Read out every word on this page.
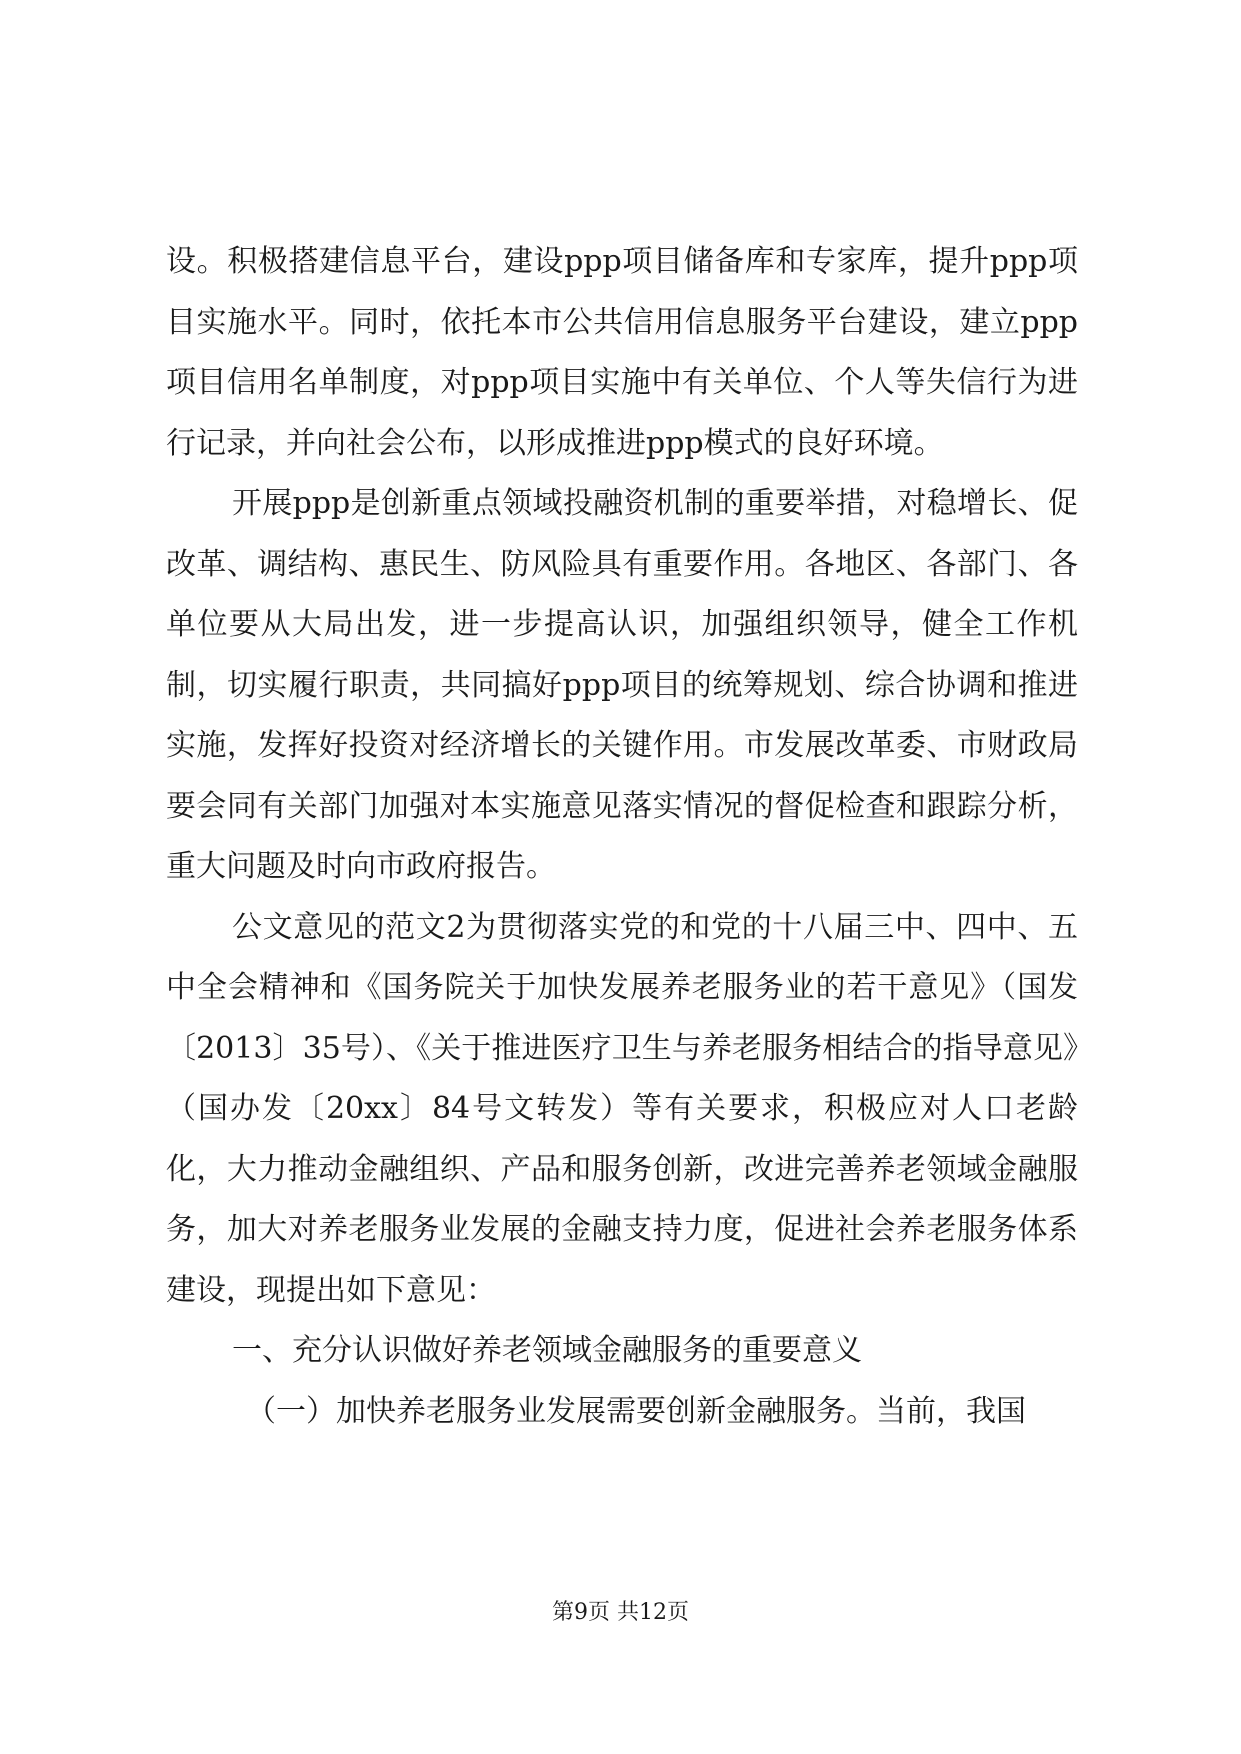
设。积极搭建信息平台，建设ppp项目储备库和专家库，提升ppp项目实施水平。同时，依托本市公共信用信息服务平台建设，建立ppp项目信用名单制度，对ppp项目实施中有关单位、个人等失信行为进行记录，并向社会公布，以形成推进ppp模式的良好环境。

开展ppp是创新重点领域投融资机制的重要举措，对稳增长、促改革、调结构、惠民生、防风险具有重要作用。各地区、各部门、各单位要从大局出发，进一步提高认识，加强组织领导，健全工作机制，切实履行职责，共同搞好ppp项目的统筹规划、综合协调和推进实施，发挥好投资对经济增长的关键作用。市发展改革委、市财政局要会同有关部门加强对本实施意见落实情况的督促检查和跟踪分析，重大问题及时向市政府报告。

公文意见的范文2为贯彻落实党的和党的十八届三中、四中、五中全会精神和《国务院关于加快发展养老服务业的若干意见》（国发〔2013〕35号）、《关于推进医疗卫生与养老服务相结合的指导意见》（国办发〔20xx〕84号文转发）等有关要求，积极应对人口老龄化，大力推动金融组织、产品和服务创新，改进完善养老领域金融服务，加大对养老服务业发展的金融支持力度，促进社会养老服务体系建设，现提出如下意见：

一、充分认识做好养老领域金融服务的重要意义

（一）加快养老服务业发展需要创新金融服务。当前，我国

第9页 共12页
